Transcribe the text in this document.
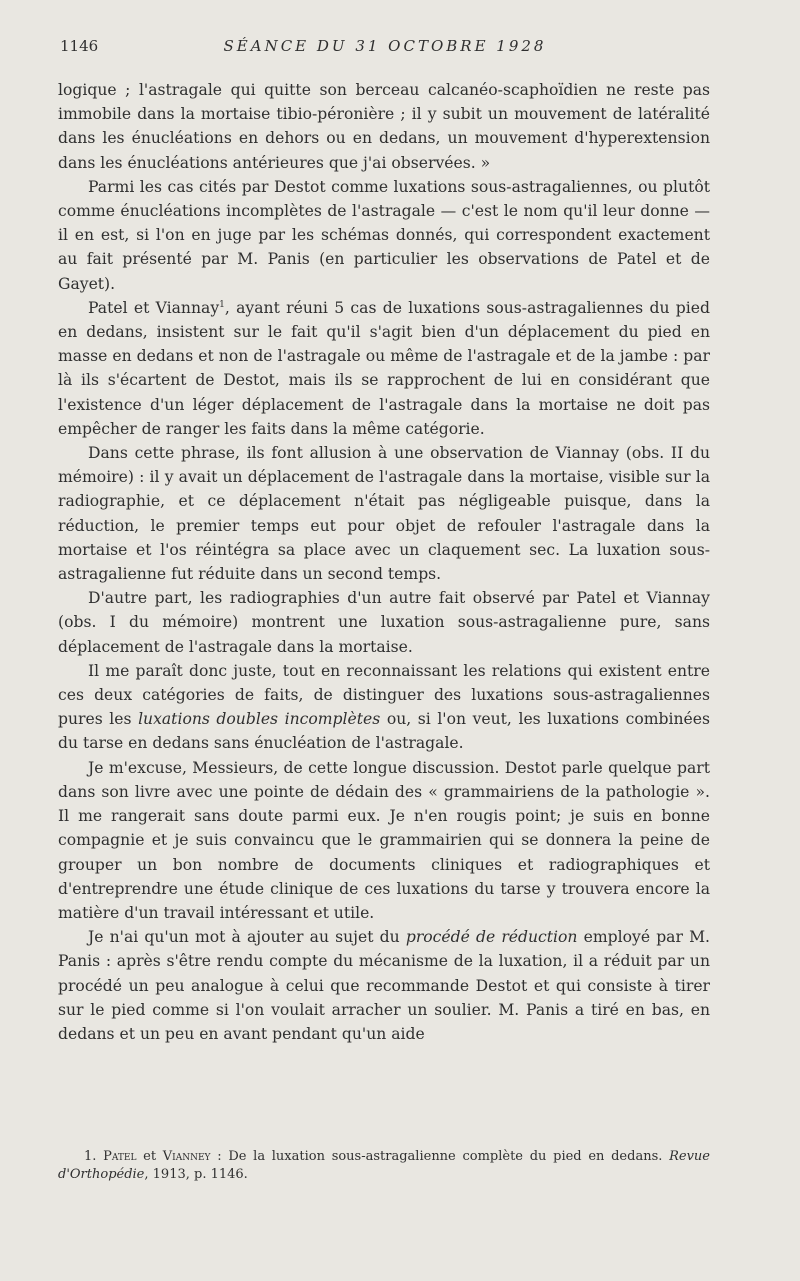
1146	SÉANCE DU 31 OCTOBRE 1928

logique ; l'astragale qui quitte son berceau calcanéo-scaphoïdien ne reste pas immobile dans la mortaise tibio-péronière ; il y subit un mouvement de latéralité dans les énucléations en dehors ou en dedans, un mouvement d'hyperextension dans les énucléations antérieures que j'ai observées. »

Parmi les cas cités par Destot comme luxations sous-astragaliennes, ou plutôt comme énucléations incomplètes de l'astragale — c'est le nom qu'il leur donne — il en est, si l'on en juge par les schémas donnés, qui correspondent exactement au fait présenté par M. Panis (en particulier les observations de Patel et de Gayet).

Patel et Viannay$^1$, ayant réuni 5 cas de luxations sous-astragaliennes du pied en dedans, insistent sur le fait qu'il s'agit bien d'un déplacement du pied en masse en dedans et non de l'astragale ou même de l'astragale et de la jambe : par là ils s'écartent de Destot, mais ils se rapprochent de lui en considérant que l'existence d'un léger déplacement de l'astragale dans la mortaise ne doit pas empêcher de ranger les faits dans la même catégorie.

Dans cette phrase, ils font allusion à une observation de Viannay (obs. II du mémoire) : il y avait un déplacement de l'astragale dans la mortaise, visible sur la radiographie, et ce déplacement n'était pas négligeable puisque, dans la réduction, le premier temps eut pour objet de refouler l'astragale dans la mortaise et l'os réintégra sa place avec un claquement sec. La luxation sous-astragalienne fut réduite dans un second temps.

D'autre part, les radiographies d'un autre fait observé par Patel et Viannay (obs. I du mémoire) montrent une luxation sous-astragalienne pure, sans déplacement de l'astragale dans la mortaise.

Il me paraît donc juste, tout en reconnaissant les relations qui existent entre ces deux catégories de faits, de distinguer des luxations sous-astragaliennes pures les luxations doubles incomplètes ou, si l'on veut, les luxations combinées du tarse en dedans sans énucléation de l'astragale.

Je m'excuse, Messieurs, de cette longue discussion. Destot parle quelque part dans son livre avec une pointe de dédain des « grammairiens de la pathologie ». Il me rangerait sans doute parmi eux. Je n'en rougis point; je suis en bonne compagnie et je suis convaincu que le grammairien qui se donnera la peine de grouper un bon nombre de documents cliniques et radiographiques et d'entreprendre une étude clinique de ces luxations du tarse y trouvera encore la matière d'un travail intéressant et utile.

Je n'ai qu'un mot à ajouter au sujet du procédé de réduction employé par M. Panis : après s'être rendu compte du mécanisme de la luxation, il a réduit par un procédé un peu analogue à celui que recommande Destot et qui consiste à tirer sur le pied comme si l'on voulait arracher un soulier. M. Panis a tiré en bas, en dedans et un peu en avant pendant qu'un aide

1. Patel et Vianney : De la luxation sous-astragalienne complète du pied en dedans. Revue d'Orthopédie, 1913, p. 1146.
